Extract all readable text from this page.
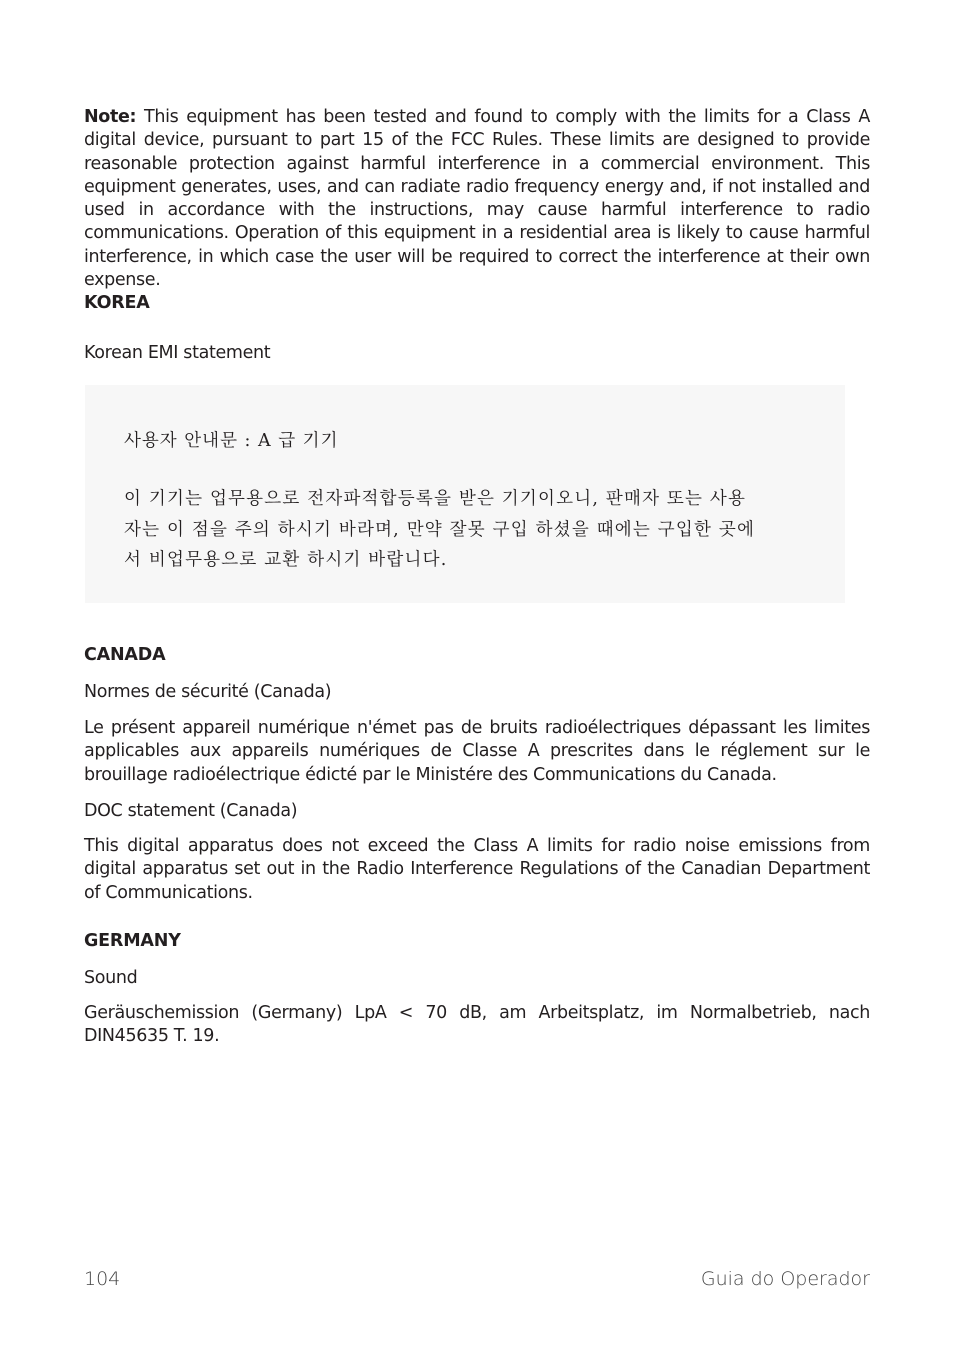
Note: This equipment has been tested and found to comply with the limits for a Class A digital device, pursuant to part 15 of the FCC Rules. These limits are designed to provide reasonable protection against harmful interference in a commercial environment. This equipment generates, uses, and can radiate radio frequency energy and, if not installed and used in accordance with the instructions, may cause harmful interference to radio communications. Operation of this equipment in a residential area is likely to cause harmful interference, in which case the user will be required to correct the interference at their own expense.

KOREA

Korean EMI statement

사용자 안내문 : A 급 기기
이 기기는 업무용으로 전자파적합등록을 받은 기기이오니, 판매자 또는 사용자는 이 점을 주의 하시기 바라며, 만약 잘못 구입 하셨을 때에는 구입한 곳에서 비업무용으로 교환 하시기 바랍니다.

CANADA

Normes de sécurité (Canada)

Le présent appareil numérique n'émet pas de bruits radioélectriques dépassant les limites applicables aux appareils numériques de Classe A prescrites dans le réglement sur le brouillage radioélectrique édicté par le Ministére des Communications du Canada.

DOC statement (Canada)

This digital apparatus does not exceed the Class A limits for radio noise emissions from digital apparatus set out in the Radio Interference Regulations of the Canadian Department of Communications.

GERMANY

Sound

Geräuschemission (Germany) LpA < 70 dB, am Arbeitsplatz, im Normalbetrieb, nach DIN45635 T. 19.

104	Guia do Operador
